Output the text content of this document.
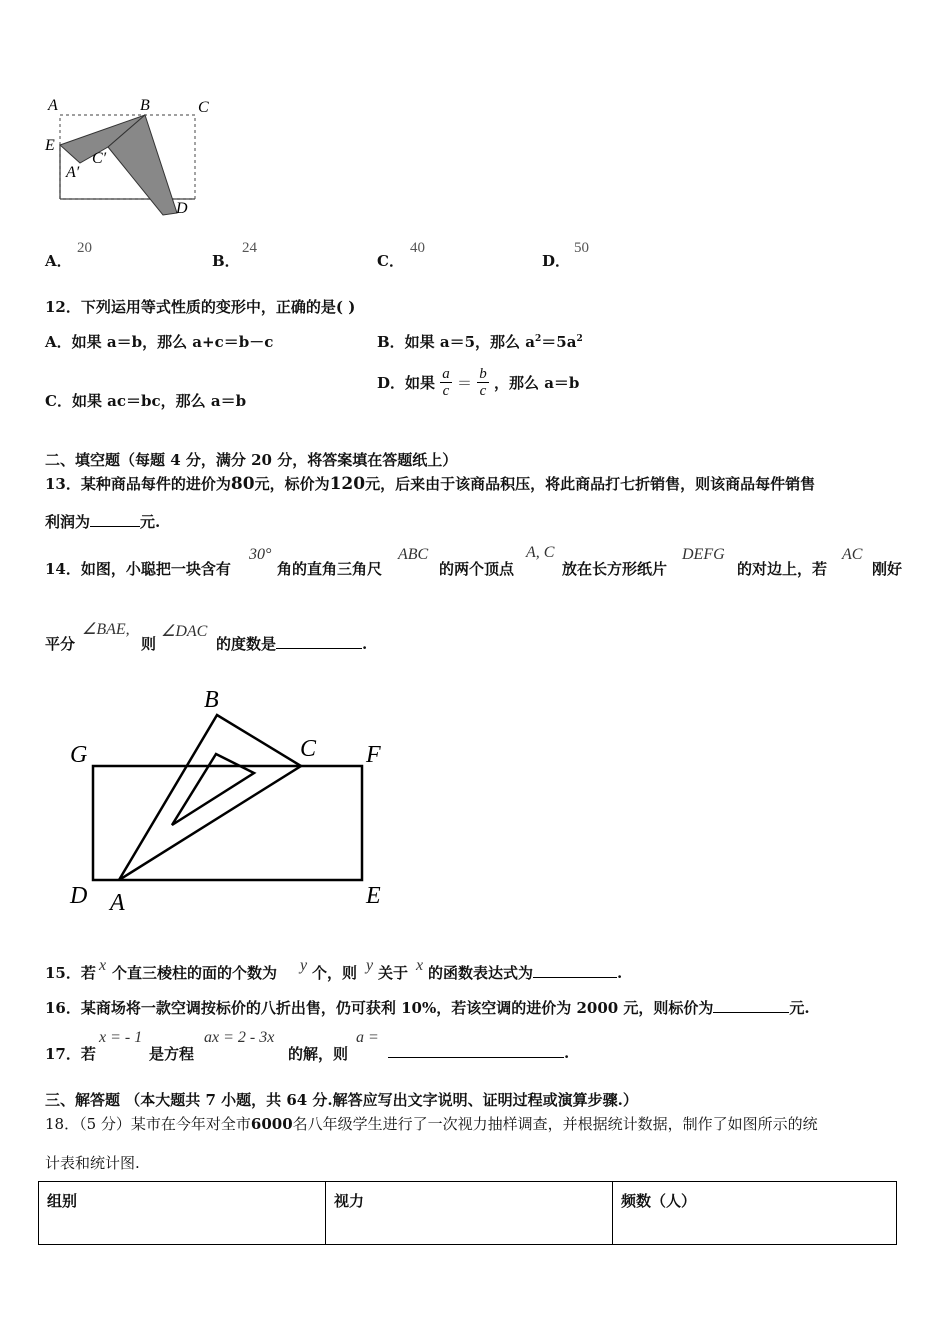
A	B	C
E
A′
C′
D
A．
20
B．
24
C．
40
D．
50
12．下列运用等式性质的变形中，正确的是( )
A．如果 a＝b，那么 a+c＝b－c	B．如果 a＝5，那么 $a^2=5a^2$
C．如果 ac＝bc，那么 a＝b
D．如果 $\frac{a}{c} = \frac{b}{c}$ ，那么 a＝b
二、填空题（每题 4 分，满分 20 分，将答案填在答题纸上）
13．某种商品每件的进价为80元，标价为120元，后来由于该商品积压，将此商品打七折销售，则该商品每件销售
利润为	元.
14．如图，小聪把一块含有
30°
角的直角三角尺
ABC
的两个顶点
A, C
放在长方形纸片
DEFG
的对边上，若
AC
刚好
平分
∠BAE,
则
∠DAC
的度数是	.
B
G	C F
D A	E
15．若 x 个直三棱柱的面的个数为 y 个，则 y 关于 x 的函数表达式为	.
16．某商场将一款空调按标价的八折出售，仍可获利 10%，若该空调的进价为 2000 元，则标价为	元.
17．若
x = - 1
是方程
ax = 2 - 3x
的解，则
a =
.
三、解答题 （本大题共 7 小题，共 64 分.解答应写出文字说明、证明过程或演算步骤.）
18．（5 分）某市在今年对全市6000名八年级学生进行了一次视力抽样调查，并根据统计数据，制作了如图所示的统
计表和统计图.
组别	视力	频数（人）
